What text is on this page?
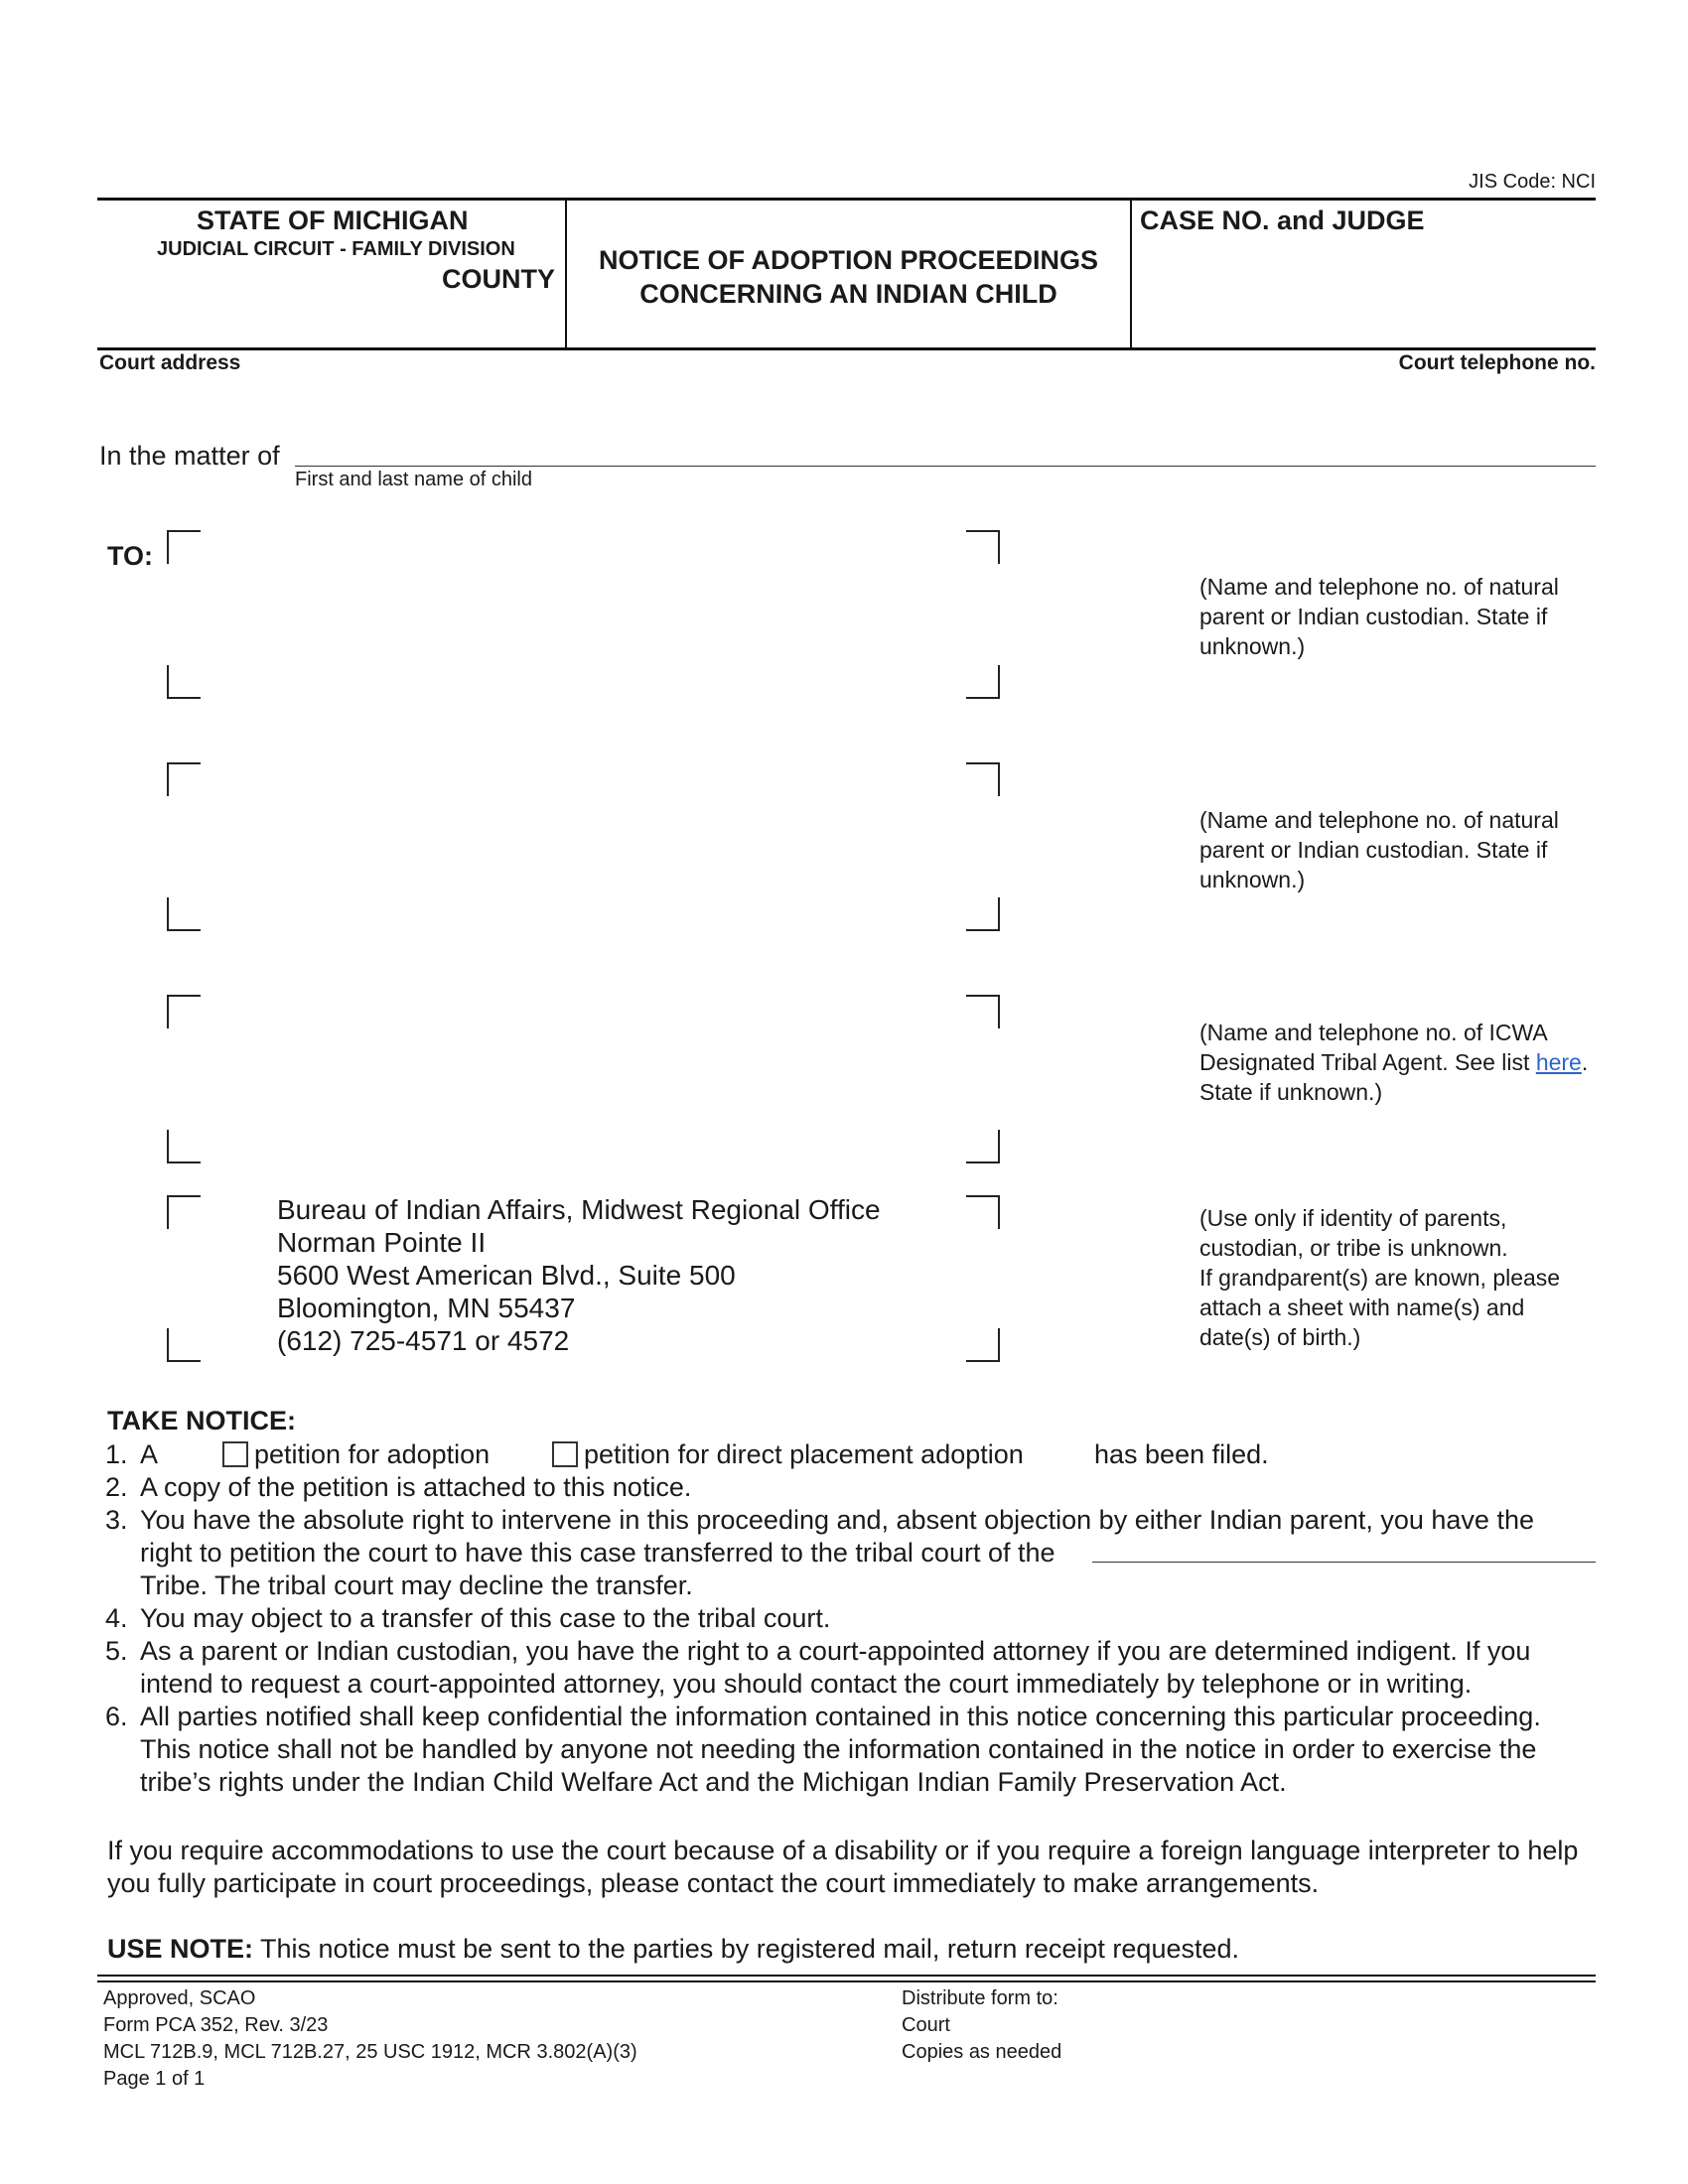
JIS Code: NCI
STATE OF MICHIGAN
JUDICIAL CIRCUIT - FAMILY DIVISION
COUNTY
NOTICE OF ADOPTION PROCEEDINGS
CONCERNING AN INDIAN CHILD
CASE NO. and JUDGE
Court address	Court telephone no.
In the matter of
First and last name of child
TO:
(Name and telephone no. of natural parent or Indian custodian. State if unknown.)
(Name and telephone no. of natural parent or Indian custodian. State if unknown.)
(Name and telephone no. of ICWA Designated Tribal Agent. See list here. State if unknown.)
Bureau of Indian Affairs, Midwest Regional Office
Norman Pointe II
5600 West American Blvd., Suite 500
Bloomington, MN 55437
(612) 725-4571 or 4572
(Use only if identity of parents,
custodian, or tribe is unknown.
If grandparent(s) are known, please
attach a sheet with name(s) and
date(s) of birth.)
TAKE NOTICE:
1. A	petition for adoption	petition for direct placement adoption	has been filed.
2. A copy of the petition is attached to this notice.
3. You have the absolute right to intervene in this proceeding and, absent objection by either Indian parent, you have the
right to petition the court to have this case transferred to the tribal court of the
Tribe. The tribal court may decline the transfer.
4. You may object to a transfer of this case to the tribal court.
5. As a parent or Indian custodian, you have the right to a court-appointed attorney if you are determined indigent. If you
intend to request a court-appointed attorney, you should contact the court immediately by telephone or in writing.
6. All parties notified shall keep confidential the information contained in this notice concerning this particular proceeding.
This notice shall not be handled by anyone not needing the information contained in the notice in order to exercise the
tribe’s rights under the Indian Child Welfare Act and the Michigan Indian Family Preservation Act.
If you require accommodations to use the court because of a disability or if you require a foreign language interpreter to help
you fully participate in court proceedings, please contact the court immediately to make arrangements.
USE NOTE: This notice must be sent to the parties by registered mail, return receipt requested.
Approved, SCAO
Form PCA 352, Rev. 3/23
MCL 712B.9, MCL 712B.27, 25 USC 1912, MCR 3.802(A)(3)
Page 1 of 1
Distribute form to:
Court
Copies as needed
